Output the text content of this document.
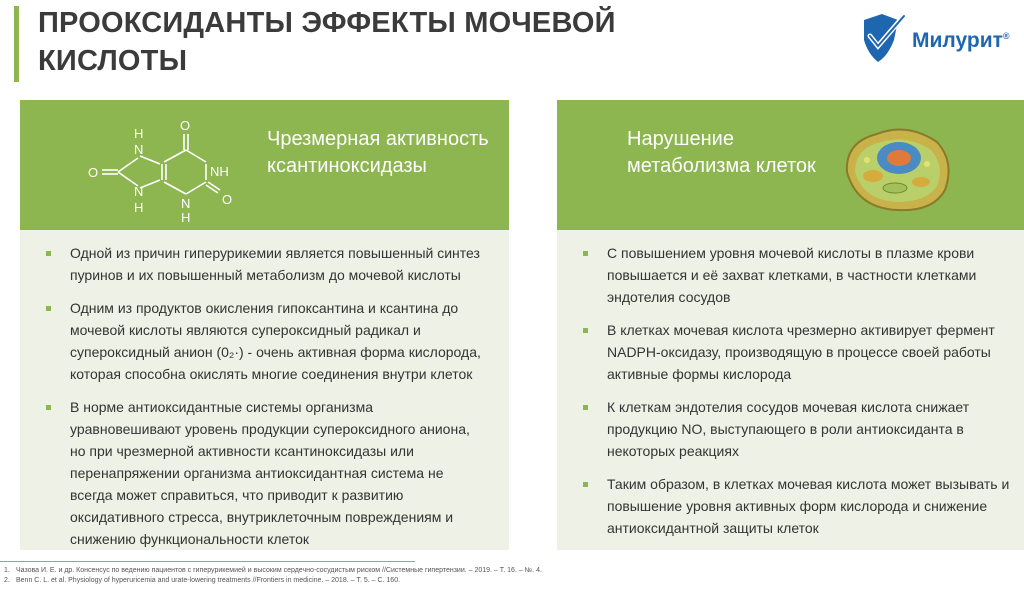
ПРООКСИДАНТЫ ЭФФЕКТЫ МОЧЕВОЙ КИСЛОТЫ
Милурит®
O
H
N
NH
O
N
H
O
N
H
Чрезмерная активность ксантиноксидазы
Одной из причин гиперурикемии является повышенный синтез пуринов и их повышенный метаболизм до мочевой кислоты
Одним из продуктов окисления гипоксантина и ксантина до мочевой кислоты являются супероксидный радикал и супероксидный анион (0₂·) - очень активная форма кислорода, которая способна окислять многие соединения внутри клеток
В норме антиоксидантные системы организма уравновешивают уровень продукции супероксидного аниона, но при чрезмерной активности ксантиноксидазы или перенапряжении организма антиоксидантная система не всегда может справиться, что приводит к развитию оксидативного стресса, внутриклеточным повреждениям и снижению функциональности клеток
Нарушение метаболизма клеток
С повышением уровня мочевой кислоты в плазме крови повышается и её захват клетками, в частности клетками эндотелия сосудов
В клетках мочевая кислота чрезмерно активирует фермент NADPH-оксидазу, производящую в процессе своей работы активные формы кислорода
К клеткам эндотелия сосудов мочевая кислота снижает продукцию NO, выступающего в роли антиоксиданта в некоторых реакциях
Таким образом, в клетках мочевая кислота может вызывать и повышение уровня активных форм кислорода и снижение антиоксидантной защиты клеток
1. Чазова И. Е. и др. Консенсус по ведению пациентов с гиперурикемией и высоким сердечно-сосудистым риском //Системные гипертензии. – 2019. – Т. 16. – №. 4.
2. Benn C. L. et al. Physiology of hyperuricemia and urate-lowering treatments //Frontiers in medicine. – 2018. – Т. 5. – С. 160.
